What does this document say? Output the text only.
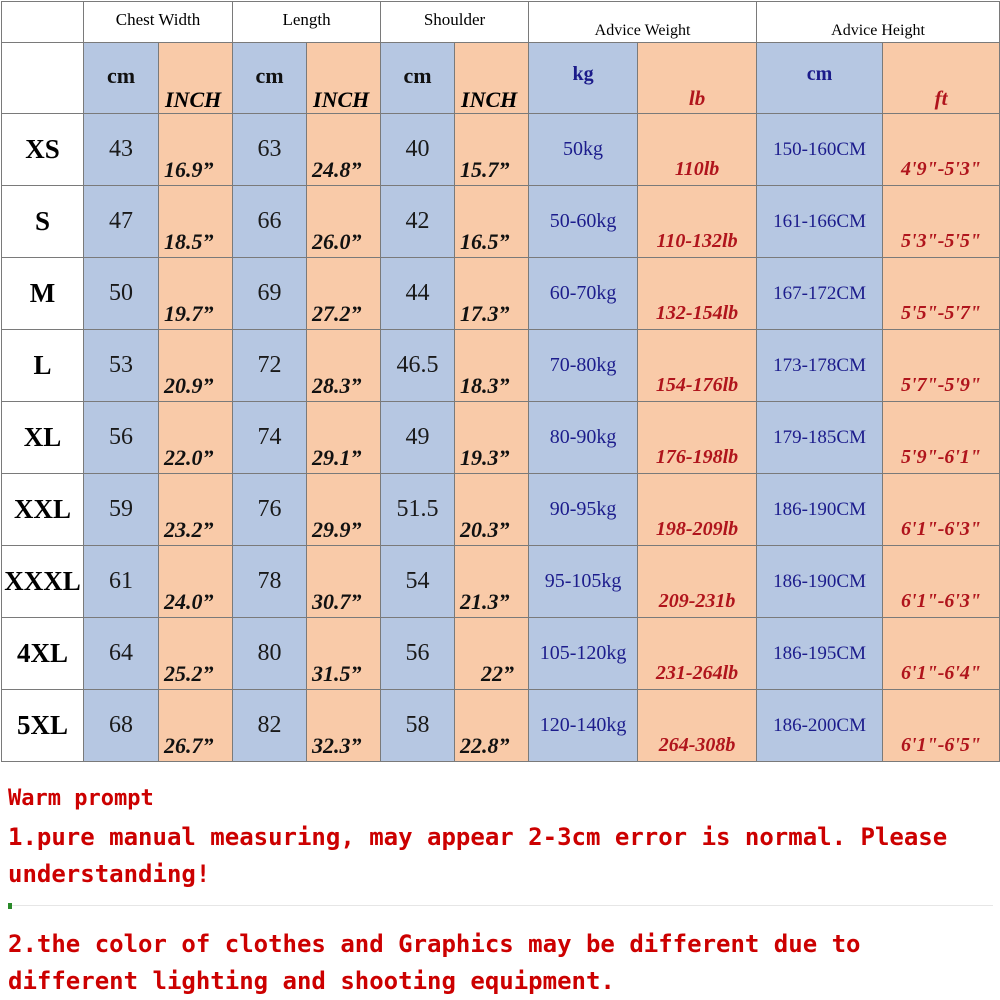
	Chest Width		Length		Shoulder		Advice Weight		Advice Height	

	cm	INCH	cm	INCH	cm	INCH	kg	lb	cm	ft

XS	43	16.9”	63	24.8”	40	15.7”	50kg	110lb	150-160CM	4'9"-5'3"

S	47	18.5”	66	26.0”	42	16.5”	50-60kg	110-132lb	161-166CM	5'3"-5'5"

M	50	19.7”	69	27.2”	44	17.3”	60-70kg	132-154lb	167-172CM	5'5"-5'7"

L	53	20.9”	72	28.3”	46.5	18.3”	70-80kg	154-176lb	173-178CM	5'7"-5'9"

XL	56	22.0”	74	29.1”	49	19.3”	80-90kg	176-198lb	179-185CM	5'9"-6'1"

XXL	59	23.2”	76	29.9”	51.5	20.3”	90-95kg	198-209lb	186-190CM	6'1"-6'3"

XXXL	61	24.0”	78	30.7”	54	21.3”	95-105kg	209-231b	186-190CM	6'1"-6'3"

4XL	64	25.2”	80	31.5”	56	22”	105-120kg	231-264lb	186-195CM	6'1"-6'4"

5XL	68	26.7”	82	32.3”	58	22.8”	120-140kg	264-308b	186-200CM	6'1"-6'5"

Warm prompt

1.pure manual measuring, may appear 2-3cm error is normal. Please

understanding!

2.the color of clothes and Graphics may be different due to

different lighting and shooting equipment.
